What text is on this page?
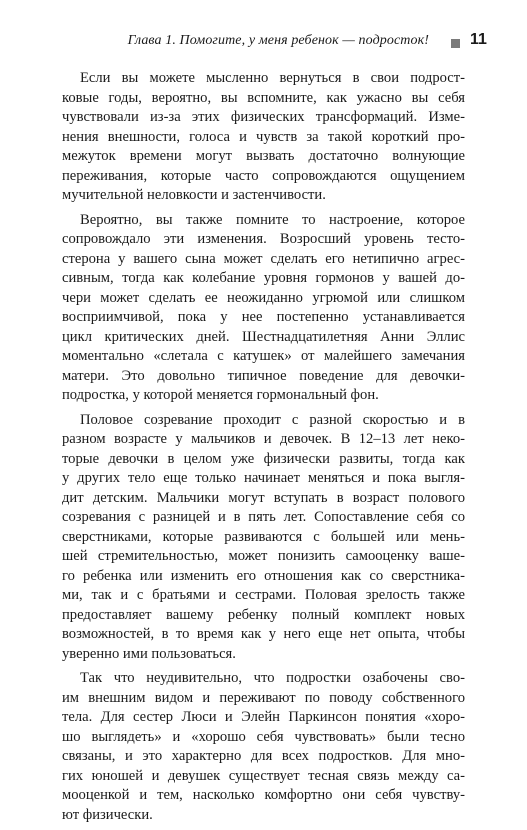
Глава 1. Помогите, у меня ребенок — подросток!	11

Если вы можете мысленно вернуться в свои подрост-
ковые годы, вероятно, вы вспомните, как ужасно вы себя
чувствовали из-за этих физических трансформаций. Изме-
нения внешности, голоса и чувств за такой короткий про-
межуток времени могут вызвать достаточно волнующие
переживания, которые часто сопровождаются ощущением
мучительной неловкости и застенчивости.

Вероятно, вы также помните то настроение, которое
сопровождало эти изменения. Возросший уровень тесто-
стерона у вашего сына может сделать его нетипично агрес-
сивным, тогда как колебание уровня гормонов у вашей до-
чери может сделать ее неожиданно угрюмой или слишком
восприимчивой, пока у нее постепенно устанавливается
цикл критических дней. Шестнадцатилетняя Анни Эллис
моментально «слетала с катушек» от малейшего замечания
матери. Это довольно типичное поведение для девочки-
подростка, у которой меняется гормональный фон.

Половое созревание проходит с разной скоростью и в
разном возрасте у мальчиков и девочек. В 12–13 лет неко-
торые девочки в целом уже физически развиты, тогда как
у других тело еще только начинает меняться и пока выгля-
дит детским. Мальчики могут вступать в возраст полового
созревания с разницей и в пять лет. Сопоставление себя со
сверстниками, которые развиваются с большей или мень-
шей стремительностью, может понизить самооценку ваше-
го ребенка или изменить его отношения как со сверстника-
ми, так и с братьями и сестрами. Половая зрелость также
предоставляет вашему ребенку полный комплект новых
возможностей, в то время как у него еще нет опыта, чтобы
уверенно ими пользоваться.

Так что неудивительно, что подростки озабочены сво-
им внешним видом и переживают по поводу собственного
тела. Для сестер Люси и Элейн Паркинсон понятия «хоро-
шо выглядеть» и «хорошо себя чувствовать» были тесно
связаны, и это характерно для всех подростков. Для мно-
гих юношей и девушек существует тесная связь между са-
мооценкой и тем, насколько комфортно они себя чувству-
ют физически.
